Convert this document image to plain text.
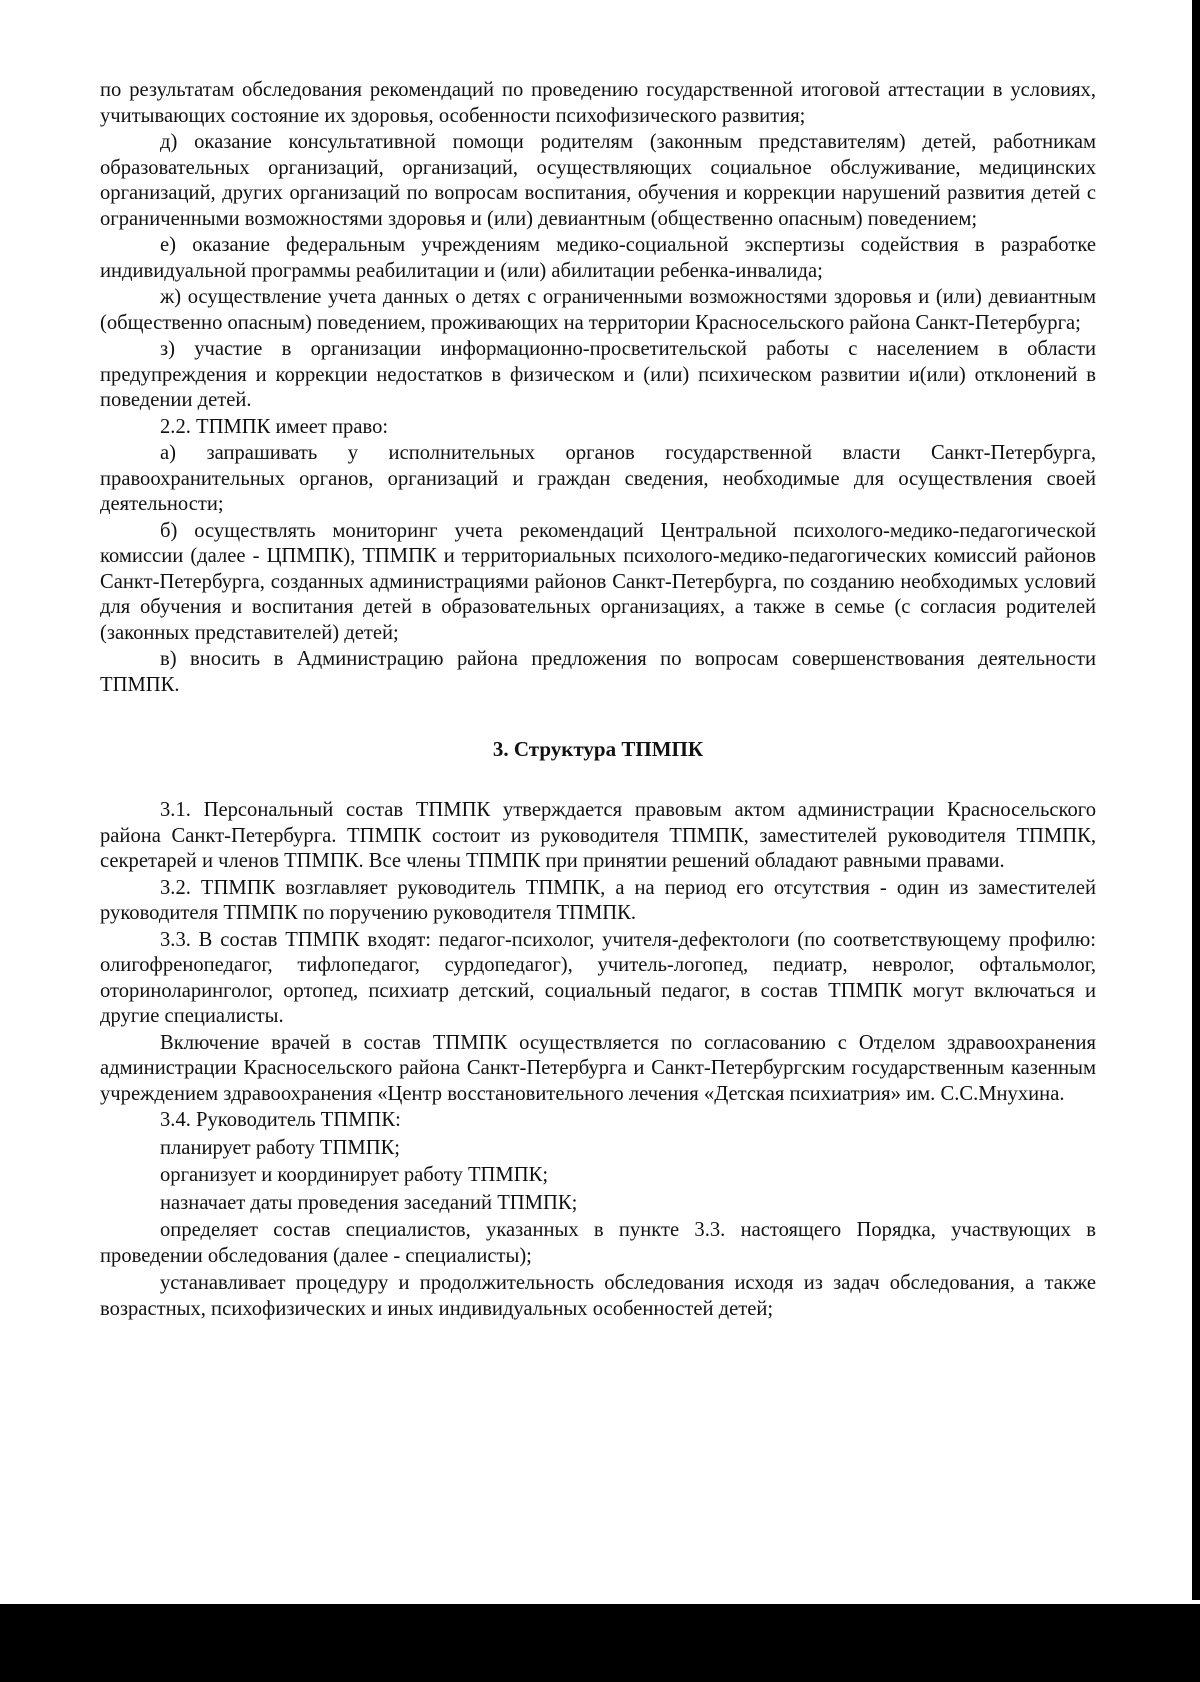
по результатам обследования рекомендаций по проведению государственной итоговой аттестации в условиях, учитывающих состояние их здоровья, особенности психофизического развития;

д) оказание консультативной помощи родителям (законным представителям) детей, работникам образовательных организаций, организаций, осуществляющих социальное обслуживание, медицинских организаций, других организаций по вопросам воспитания, обучения и коррекции нарушений развития детей с ограниченными возможностями здоровья и (или) девиантным (общественно опасным) поведением;

е) оказание федеральным учреждениям медико-социальной экспертизы содействия в разработке индивидуальной программы реабилитации и (или) абилитации ребенка-инвалида;

ж) осуществление учета данных о детях с ограниченными возможностями здоровья и (или) девиантным (общественно опасным) поведением, проживающих на территории Красносельского района Санкт-Петербурга;

з) участие в организации информационно-просветительской работы с населением в области предупреждения и коррекции недостатков в физическом и (или) психическом развитии и(или) отклонений в поведении детей.

2.2. ТПМПК имеет право:

а) запрашивать у исполнительных органов государственной власти Санкт-Петербурга, правоохранительных органов, организаций и граждан сведения, необходимые для осуществления своей деятельности;

б) осуществлять мониторинг учета рекомендаций Центральной психолого-медико-педагогической комиссии (далее - ЦПМПК), ТПМПК и территориальных психолого-медико-педагогических комиссий районов Санкт-Петербурга, созданных администрациями районов Санкт-Петербурга, по созданию необходимых условий для обучения и воспитания детей в образовательных организациях, а также в семье (с согласия родителей (законных представителей) детей;

в) вносить в Администрацию района предложения по вопросам совершенствования деятельности ТПМПК.

3. Структура ТПМПК

3.1. Персональный состав ТПМПК утверждается правовым актом администрации Красносельского района Санкт-Петербурга. ТПМПК состоит из руководителя ТПМПК, заместителей руководителя ТПМПК, секретарей и членов ТПМПК. Все члены ТПМПК при принятии решений обладают равными правами.

3.2. ТПМПК возглавляет руководитель ТПМПК, а на период его отсутствия - один из заместителей руководителя ТПМПК по поручению руководителя ТПМПК.

3.3. В состав ТПМПК входят: педагог-психолог, учителя-дефектологи (по соответствующему профилю: олигофренопедагог, тифлопедагог, сурдопедагог), учитель-логопед, педиатр, невролог, офтальмолог, оториноларинголог, ортопед, психиатр детский, социальный педагог, в состав ТПМПК могут включаться и другие специалисты.

Включение врачей в состав ТПМПК осуществляется по согласованию с Отделом здравоохранения администрации Красносельского района Санкт-Петербурга и Санкт-Петербургским государственным казенным учреждением здравоохранения «Центр восстановительного лечения «Детская психиатрия» им. С.С.Мнухина.

3.4. Руководитель ТПМПК:

планирует работу ТПМПК;

организует и координирует работу ТПМПК;

назначает даты проведения заседаний ТПМПК;

определяет состав специалистов, указанных в пункте 3.3. настоящего Порядка, участвующих в проведении обследования (далее - специалисты);

устанавливает процедуру и продолжительность обследования исходя из задач обследования, а также возрастных, психофизических и иных индивидуальных особенностей детей;
